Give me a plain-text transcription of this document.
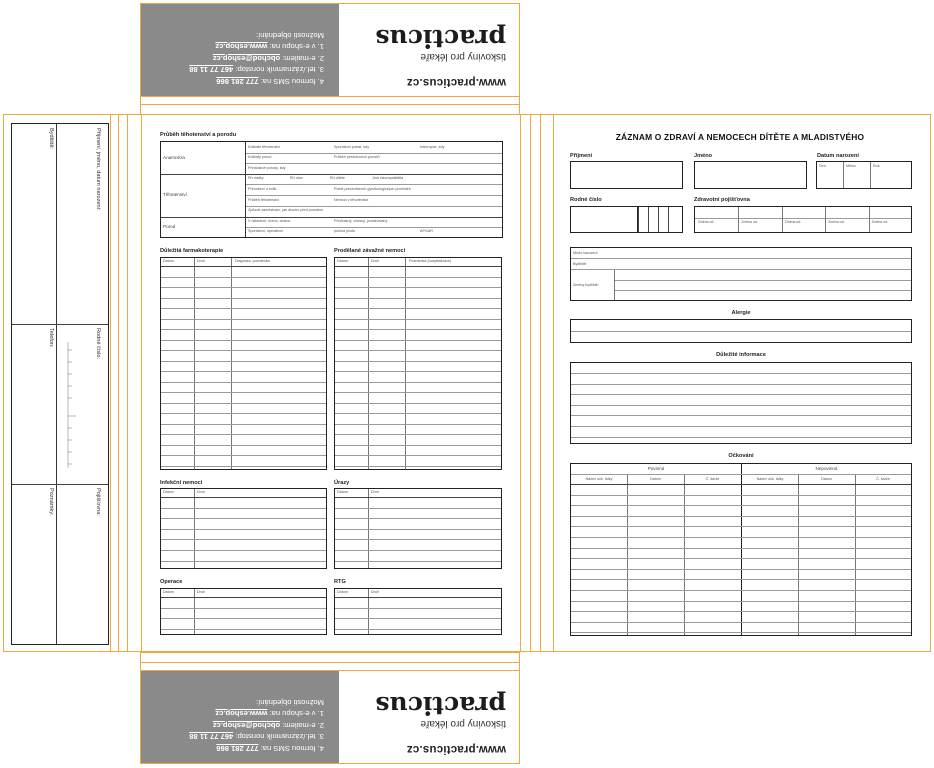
www.practicus.cz
tiskoviny pro lékaře
practicus
4. formou SMS na: 777 281 866
3. tel./záznamník nonstop: 467 77 11 88
2. e-mailem: obchod@eshop.cz
1. v e-shopu na: www.eshop.cz
Možnosti objednání:
www.practicus.cz
tiskoviny pro lékaře
practicus
4. formou SMS na: 777 281 866
3. tel./záznamník nonstop: 467 77 11 88
2. e-mailem: obchod@eshop.cz
1. v e-shopu na: www.eshop.cz
Možnosti objednání:
Příjmení, jméno, datum narození:
Bydliště:
Rodné číslo:
Telefon:
Pojišťovna:
Poznámky:
Průběh těhotenství a porodu
Anamnéza
Těhotenství
Porod
Kolikáté těhotenství	Spontánní potrat, kdy	Interrupce, kdy
Kolikátý porod	Průběh předchozích porodů
Předčasné porody, kdy
Rh matky	Rh otce	Rh dítěte	Jiná inkompatibilita
Přenošení o kolik	Počet preventivních gynekologických prohlídek
Průběh těhotenství	Nemoci v těhotenství
Způsob zaměstnání, jak dlouho před porodem
V ústavech, doma, cestou	Předčasný, včasný, protahovaný
Spontánní, operativní	poloha plodu	APGAR
Důležitá farmakoterapie
Datum	Druh	Diagnóza, poznámka
Prodělané závažné nemoci
Datum	Druh	Poznámka (hospitalizace)
Infekční nemoci
Datum	Druh
Úrazy
Datum	Druh
Operace
Datum	Druh
RTG
Datum	Druh
ZÁZNAM O ZDRAVÍ A NEMOCECH DÍTĚTE A MLADISTVÉHO
Příjmení	Jméno	Datum narození
Den	Měsíc	Rok
Rodné číslo	Zdravotní pojišťovna
Změna od:	Změna od:	Změna od:	Změna od:	Změna od:
Místo narození:
Bydliště:
Změny bydliště:
Alergie
Důležité informace
Očkování
Povinná	Nepovinná
Název očk. látky	Datum	Č. šarže	Název očk. látky	Datum	Č. šarže
